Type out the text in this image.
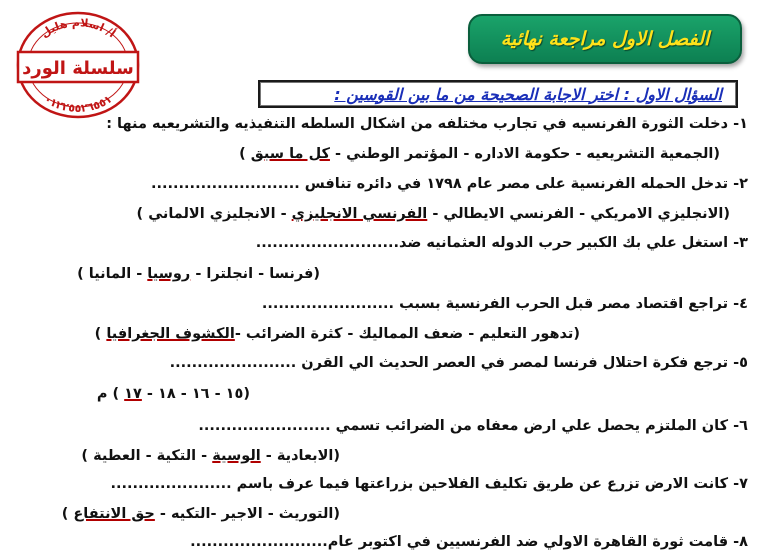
أ/ اسلام هليل
٠١٢٢٥٥٢٦٥٥١
سلسلة الورد
الفصل الاول مراجعة نهائية
السؤال الاول : اختر الاجابة الصحيحة من ما بين القوسين :
١- دخلت الثورة الفرنسيه في تجارب مختلفه من اشكال السلطه التنفيذيه والتشريعيه منها :
(الجمعية التشريعيه - حكومة الاداره - المؤتمر الوطني - كل ما سبق )
٢- تدخل الحمله الفرنسية على مصر عام ١٧٩٨ في دائره تنافس ...........................
(الانجليزي الامريكي - الفرنسي الايطالي - الفرنسي الانجليزي - الانجليزي الالماني )
٣- استغل علي بك الكبير حرب الدوله العثمانيه ضد..........................
(فرنسا - انجلترا - روسيا - المانيا )
٤- تراجع اقتصاد مصر قبل الحرب الفرنسية بسبب ........................
(تدهور التعليم - ضعف المماليك - كثرة الضرائب -الكشوف الجغرافيا )
٥- ترجع فكرة احتلال فرنسا لمصر في العصر الحديث الي القرن .......................
(١٥ - ١٦ - ١٨ - ١٧ ) م
٦- كان الملتزم يحصل علي ارض معفاه من الضرائب تسمي ........................
(الابعادية - الوسية - التكية - العطية )
٧- كانت الارض تزرع عن طريق تكليف الفلاحين بزراعتها فيما عرف باسم ......................
(التوريث - الاجير -التكيه - حق الانتفاع )
٨- قامت ثورة القاهرة الاولي ضد الفرنسيين في اكتوبر عام.........................
